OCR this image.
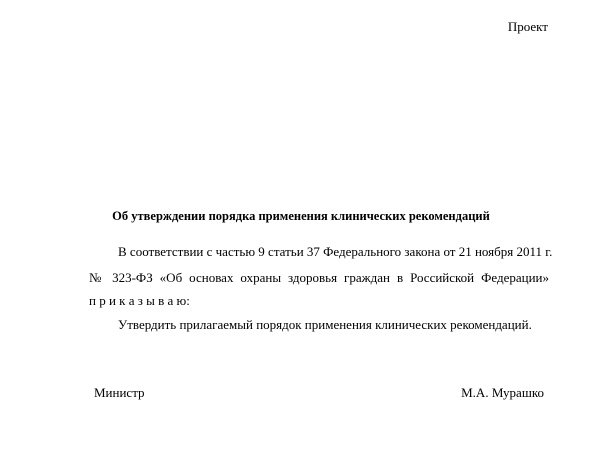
Проект
Об утверждении порядка применения клинических рекомендаций
В соответствии с частью 9 статьи 37 Федерального закона от 21 ноября 2011 г.
№ 323-ФЗ «Об основах охраны здоровья граждан в Российской Федерации»
п р и к а з ы в а ю:
Утвердить прилагаемый порядок применения клинических рекомендаций.
Министр	М.А. Мурашко
